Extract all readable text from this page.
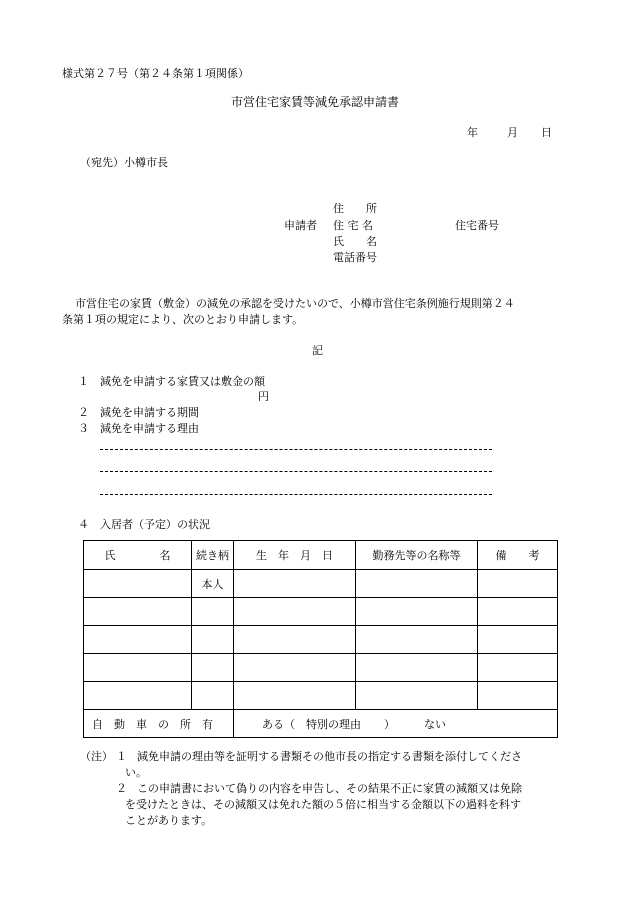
様式第２７号（第２４条第１項関係）
市営住宅家賃等減免承認申請書
年	月 日
（宛先）小樽市長
住　　所
申請者 住 宅 名	住宅番号
氏　　名
電話番号
市営住宅の家賃（敷金）の減免の承認を受けたいので、小樽市営住宅条例施行規則第２４
条第１項の規定により、次のとおり申請します。
記
１ 減免を申請する家賃又は敷金の額
円
２ 減免を申請する期間
３ 減免を申請する理由
４ 入居者（予定）の状況
氏　　　　名	続き柄	生　年　月　日	勤務先等の名称等	備　　考
	本人			

自　動　車　の　所　有		ある（　特別の理由 ） ない		
（注） １ 減免申請の理由等を証明する書類その他市長の指定する書類を添付してくださ
い。
２ この申請書において偽りの内容を申告し、その結果不正に家賃の減額又は免除
を受けたときは、その減額又は免れた額の５倍に相当する金額以下の過料を科す
ことがあります。
